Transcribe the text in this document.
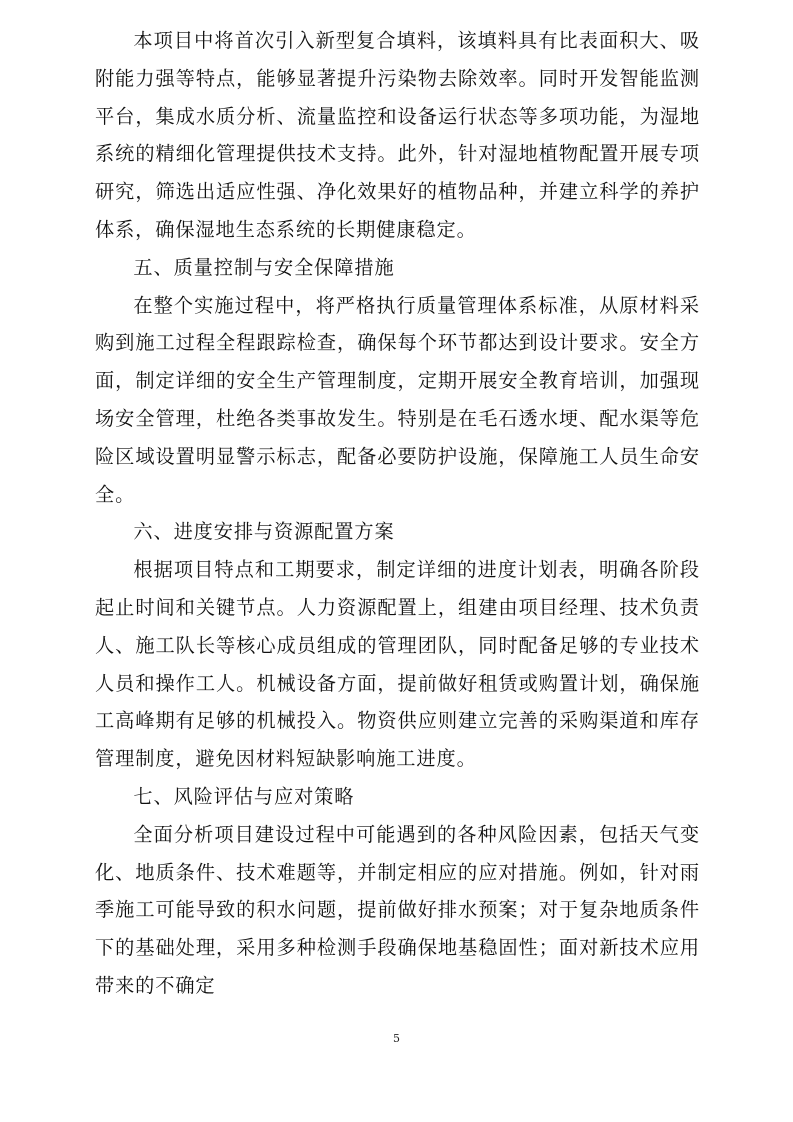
本项目中将首次引入新型复合填料，该填料具有比表面积大、吸附能力强等特点，能够显著提升污染物去除效率。同时开发智能监测平台，集成水质分析、流量监控和设备运行状态等多项功能，为湿地系统的精细化管理提供技术支持。此外，针对湿地植物配置开展专项研究，筛选出适应性强、净化效果好的植物品种，并建立科学的养护体系，确保湿地生态系统的长期健康稳定。

五、质量控制与安全保障措施

在整个实施过程中，将严格执行质量管理体系标准，从原材料采购到施工过程全程跟踪检查，确保每个环节都达到设计要求。安全方面，制定详细的安全生产管理制度，定期开展安全教育培训，加强现场安全管理，杜绝各类事故发生。特别是在毛石透水埂、配水渠等危险区域设置明显警示标志，配备必要防护设施，保障施工人员生命安全。

六、进度安排与资源配置方案

根据项目特点和工期要求，制定详细的进度计划表，明确各阶段起止时间和关键节点。人力资源配置上，组建由项目经理、技术负责人、施工队长等核心成员组成的管理团队，同时配备足够的专业技术人员和操作工人。机械设备方面，提前做好租赁或购置计划，确保施工高峰期有足够的机械投入。物资供应则建立完善的采购渠道和库存管理制度，避免因材料短缺影响施工进度。

七、风险评估与应对策略

全面分析项目建设过程中可能遇到的各种风险因素，包括天气变化、地质条件、技术难题等，并制定相应的应对措施。例如，针对雨季施工可能导致的积水问题，提前做好排水预案；对于复杂地质条件下的基础处理，采用多种检测手段确保地基稳固性；面对新技术应用带来的不确定

5
